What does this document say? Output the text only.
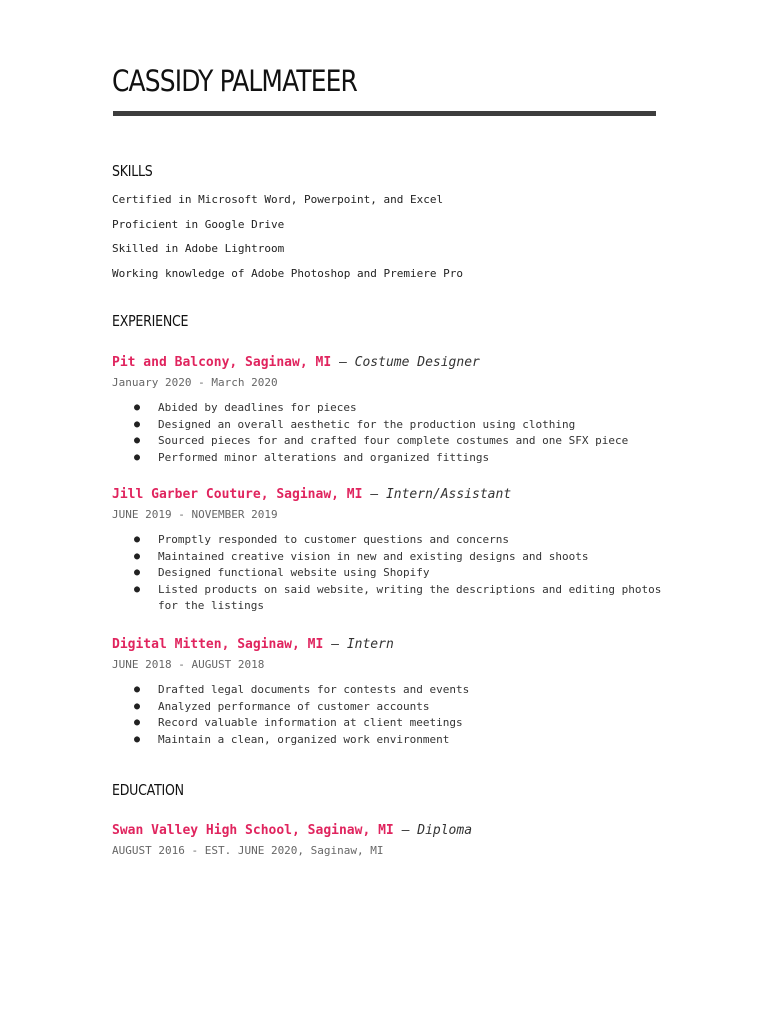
CASSIDY PALMATEER
SKILLS
Certified in Microsoft Word, Powerpoint, and Excel
Proficient in Google Drive
Skilled in Adobe Lightroom
Working knowledge of Adobe Photoshop and Premiere Pro
EXPERIENCE
Pit and Balcony, Saginaw, MI — Costume Designer
January 2020 - March 2020
● Abided by deadlines for pieces
● Designed an overall aesthetic for the production using clothing
● Sourced pieces for and crafted four complete costumes and one SFX piece
● Performed minor alterations and organized fittings
Jill Garber Couture, Saginaw, MI — Intern/Assistant
JUNE 2019 - NOVEMBER 2019
● Promptly responded to customer questions and concerns
● Maintained creative vision in new and existing designs and shoots
● Designed functional website using Shopify
● Listed products on said website, writing the descriptions and editing photos for the listings
Digital Mitten, Saginaw, MI — Intern
JUNE 2018 - AUGUST 2018
● Drafted legal documents for contests and events
● Analyzed performance of customer accounts
● Record valuable information at client meetings
● Maintain a clean, organized work environment
EDUCATION
Swan Valley High School, Saginaw, MI — Diploma
AUGUST 2016 - EST. JUNE 2020, Saginaw, MI
